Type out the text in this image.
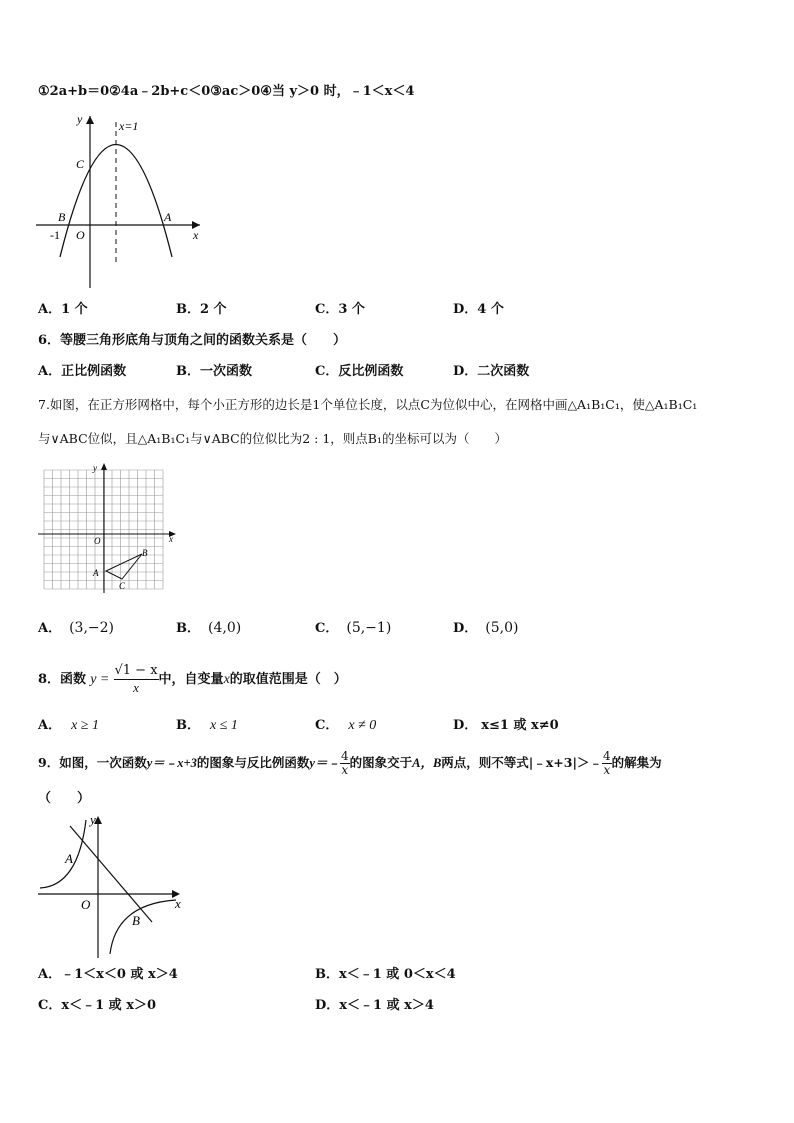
①2a+b＝0②4a﹣2b+c＜0③ac＞0④当 y＞0 时，﹣1＜x＜4
y
x
x=1
C
B	A
O
-1
A．1 个	B．2 个	C．3 个	D．4 个
6．等腰三角形底角与顶角之间的函数关系是（　　）
A．正比例函数	B．一次函数	C．反比例函数	D．二次函数
7.如图，在正方形网格中，每个小正方形的边长是1个单位长度，以点C为位似中心，在网格中画△A₁B₁C₁，使△A₁B₁C₁
与∨ABC位似，且△A₁B₁C₁与∨ABC的位似比为2 : 1，则点B₁的坐标可以为（　　）
y
x
O
A
B
C
A． (3,−2)	B． (4,0)	C． (5,−1)	D． (5,0)
8．函数 $y = \frac{√1 - x}{x}$ 中，自变量x的取值范围是（　）
A． x ≥ 1	B． x ≤ 1	C． x ≠ 0	D． x≤1 或 x≠0
9．如图，一次函数y＝﹣x+3的图象与反比例函数y＝﹣ $\frac{4}{x}$ 的图象交于A，B两点，则不等式|﹣x+3|＞﹣ $\frac{4}{x}$ 的解集为
（　　）
y
x
O
A
B
A．﹣1＜x＜0 或 x＞4	B．x＜﹣1 或 0＜x＜4
C．x＜﹣1 或 x＞0	D．x＜﹣1 或 x＞4
